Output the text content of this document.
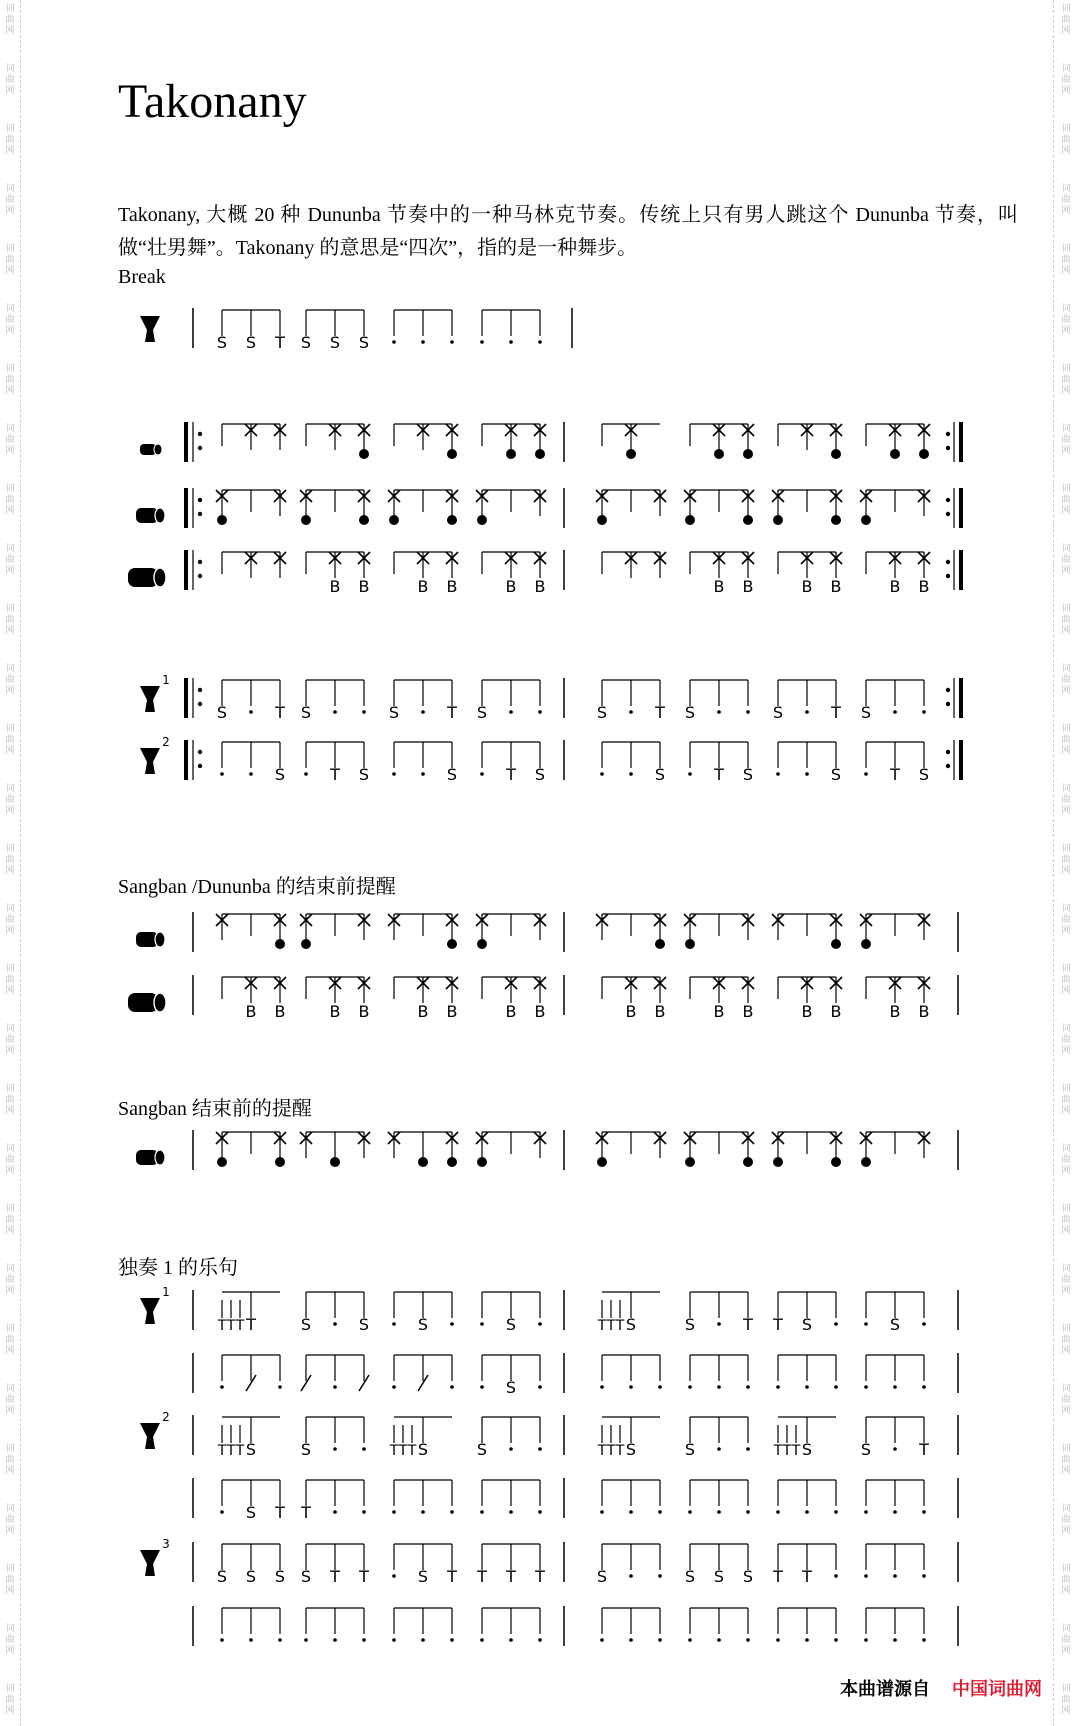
词
曲
网
词
曲
网
词
曲
网
词
曲
网
词
曲
网
词
曲
网
词
曲
网
词
曲
网
词
曲
网
词
曲
网
词
曲
网
词
曲
网
词
曲
网
词
曲
网
词
曲
网
词
曲
网
词
曲
网
词
曲
网
词
曲
网
词
曲
网
词
曲
网
词
曲
网
词
曲
网
词
曲
网
词
曲
网
词
曲
网
词
曲
网
词
曲
网
词
曲
网
词
曲
网
词
曲
网
词
曲
网
词
曲
网
词
曲
网
词
曲
网
词
曲
网
词
曲
网
词
曲
网
词
曲
网
词
曲
网
词
曲
网
词
曲
网
词
曲
网
词
曲
网
词
曲
网
词
曲
网
词
曲
网
词
曲
网
词
曲
网
词
曲
网
词
曲
网
词
曲
网
词
曲
网
词
曲
网
词
曲
网
词
曲
网
词
曲
网
词
曲
网
Takonany
Takonany, 大概 20 种 Dununba 节奏中的一种马林克节奏。传统上只有男人跳这个 Dununba 节奏，叫做“壮男舞”。Takonany 的意思是“四次”，指的是一种舞步。
Break
Sangban /Dununba 的结束前提醒
Sangban 结束前的提醒
独奏 1 的乐句
S S T S S S
B B	B B	B B	B B	B B	B B
1
S	T S	S	T S	S	T S	S	T S
2
S	T S	S	T S	S	T S	S	T S
B B	B B	B B	B B	B B	B B	B B	B B
1
T T T T	S	S	S	S	T T T S	S	T T S	S
S
2
T T T S	S	T T T S	S	T T T S	S	T T T S	S	T
S T T
3
S S S S T T	S T T T T	S	S S S T T
本曲谱源自 中国词曲网
